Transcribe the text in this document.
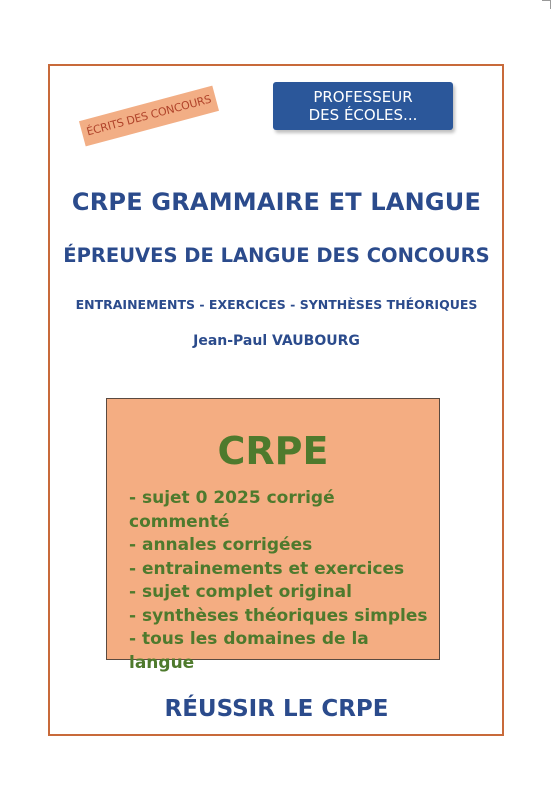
ÉCRITS DES CONCOURS	PROFESSEUR
DES ÉCOLES...
CRPE GRAMMAIRE ET LANGUE
ÉPREUVES DE LANGUE DES CONCOURS
ENTRAINEMENTS - EXERCICES - SYNTHÈSES THÉORIQUES
Jean-Paul VAUBOURG
CRPE
- sujet 0 2025 corrigé commenté
- annales corrigées
- entrainements et exercices
- sujet complet original
- synthèses théoriques simples
- tous les domaines de la langue
RÉUSSIR LE CRPE
